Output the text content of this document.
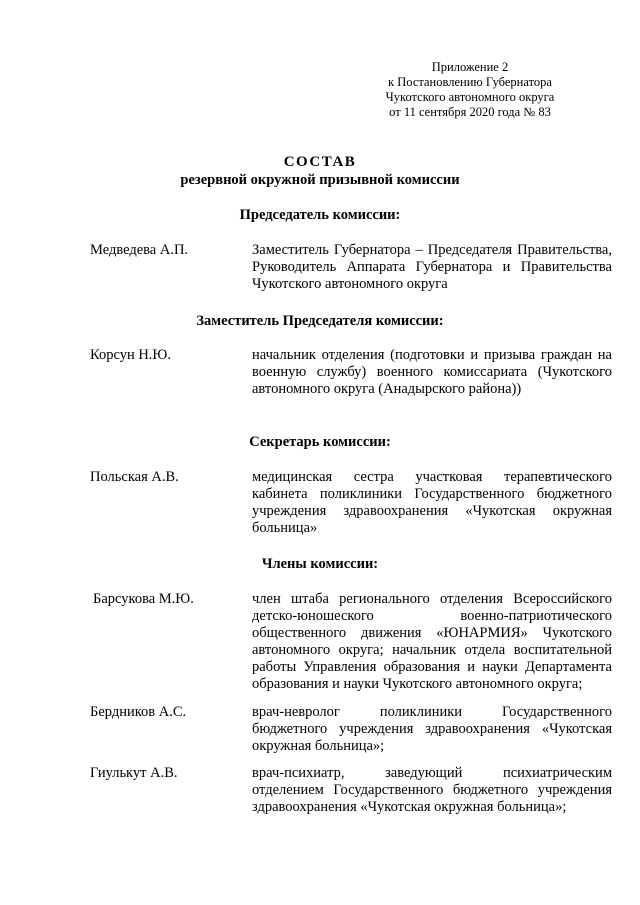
Приложение 2
к Постановлению Губернатора
Чукотского автономного округа
от 11 сентября 2020 года № 83
СОСТАВ
резервной окружной призывной комиссии
Председатель комиссии:
Медведева А.П.	Заместитель Губернатора – Председателя Правительства, Руководитель Аппарата Губернатора и Правительства Чукотского автономного округа
Заместитель Председателя комиссии:
Корсун Н.Ю.	начальник отделения (подготовки и призыва граждан на военную службу) военного комиссариата (Чукотского автономного округа (Анадырского района))
Секретарь комиссии:
Польская А.В.	медицинская сестра участковая терапевтического кабинета поликлиники Государственного бюджетного учреждения здравоохранения «Чукотская окружная больница»
Члены комиссии:
Барсукова М.Ю.	член штаба регионального отделения Всероссийского детско-юношеского военно-патриотического общественного движения «ЮНАРМИЯ» Чукотского автономного округа; начальник отдела воспитательной работы Управления образования и науки Департамента образования и науки Чукотского автономного округа;
Бердников А.С.	врач-невролог поликлиники Государственного бюджетного учреждения здравоохранения «Чукотская окружная больница»;
Гиулькут А.В.	врач-психиатр, заведующий психиатрическим отделением Государственного бюджетного учреждения здравоохранения «Чукотская окружная больница»;
